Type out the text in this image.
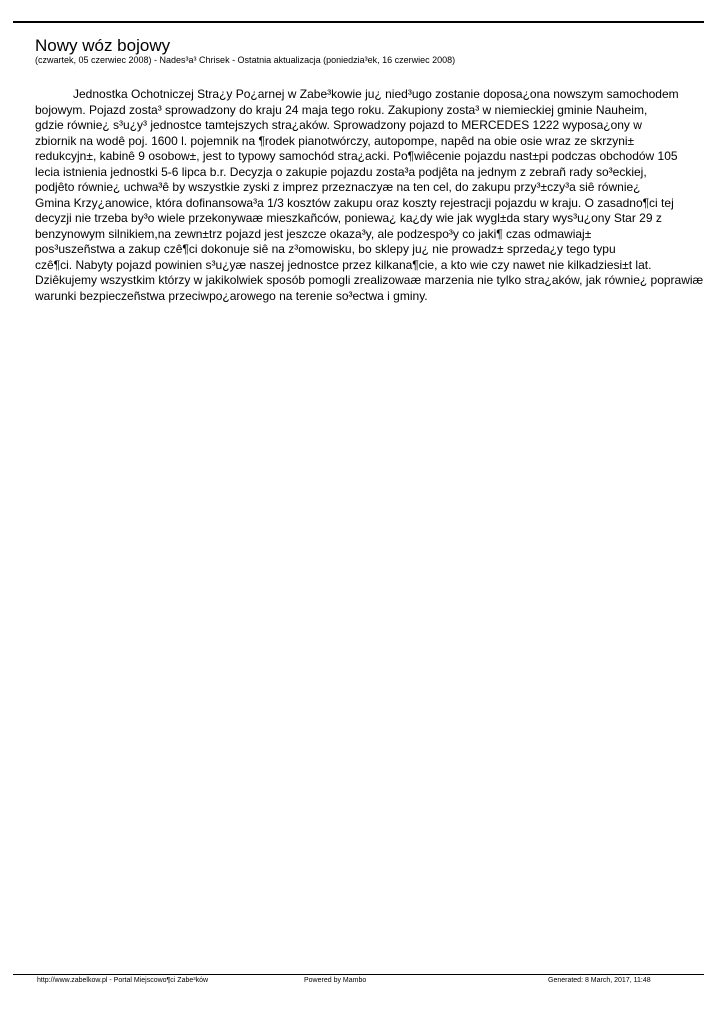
Nowy wóz bojowy
(czwartek, 05 czerwiec 2008) - Nades³a³ Chrisek - Ostatnia aktualizacja (poniedzia³ek, 16 czerwiec 2008)
Jednostka Ochotniczej Stra¿y Po¿arnej w Zabe³kowie ju¿ nied³ugo zostanie doposa¿ona nowszym samochodem
bojowym. Pojazd zosta³ sprowadzony do kraju 24 maja tego roku. Zakupiony zosta³ w niemieckiej gminie Nauheim,
gdzie równie¿ s³u¿y³ jednostce tamtejszych stra¿aków. Sprowadzony pojazd to MERCEDES 1222 wyposa¿ony w
zbiornik na wodê poj. 1600 l. pojemnik na ¶rodek pianotwórczy, autopompe, napêd na obie osie wraz ze skrzyni±
redukcyjn±, kabinê 9 osobow±, jest to typowy samochód stra¿acki. Po¶wiêcenie pojazdu nast±pi podczas obchodów 105
lecia istnienia jednostki 5-6 lipca b.r. Decyzja o zakupie pojazdu zosta³a podjêta na jednym z zebrañ rady so³eckiej,
podjêto równie¿ uchwa³ê by wszystkie zyski z imprez przeznaczyæ na ten cel, do zakupu przy³±czy³a siê równie¿
Gmina Krzy¿anowice, która dofinansowa³a 1/3 kosztów zakupu oraz koszty rejestracji pojazdu w kraju. O zasadno¶ci tej
decyzji nie trzeba by³o wiele przekonywaæ mieszkañców, poniewa¿ ka¿dy wie jak wygl±da stary wys³u¿ony Star 29 z
benzynowym silnikiem,na zewn±trz pojazd jest jeszcze okaza³y, ale podzespo³y co jaki¶ czas odmawiaj±
pos³uszeñstwa a zakup czê¶ci dokonuje siê na z³omowisku, bo sklepy ju¿ nie prowadz± sprzeda¿y tego typu
czê¶ci. Nabyty pojazd powinien s³u¿yæ naszej jednostce przez kilkana¶cie, a kto wie czy nawet nie kilkadziesi±t lat.
Dziêkujemy wszystkim którzy w jakikolwiek sposób pomogli zrealizowaæ marzenia nie tylko stra¿aków, jak równie¿ poprawiæ
warunki bezpieczeñstwa przeciwpo¿arowego na terenie so³ectwa i gminy.
http://www.zabelkow.pl - Portal Miejscowo¶ci Zabe³ków	Powered by Mambo	Generated: 8 March, 2017, 11:48
